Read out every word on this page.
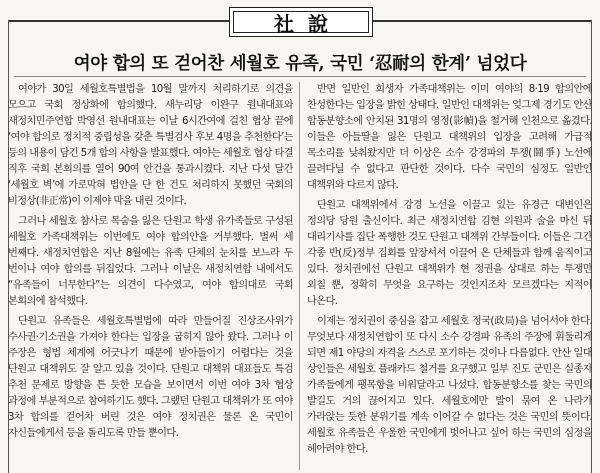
社說
여야 합의 또 걷어찬 세월호 유족, 국민 ‘忍耐의 한계’ 넘었다

여야가 30일 세월호특별법을 10월 말까지 처리하기로 의견을 모으고 국회 정상화에 합의했다. 새누리당 이완구 원내대표와 새정치민주연합 박영선 원내대표는 이날 6시간여에 걸친 협상 끝에 ‘여야 합의로 정치적 중립성을 갖춘 특별검사 후보 4명을 추천한다’는 등의 내용이 담긴 5개 합의 사항을 발표했다. 여야는 세월호 협상 타결 직후 국회 본회의를 열어 90여 안건을 통과시켰다. 지난 다섯 달간 ‘세월호 벽’에 가로막혀 법안을 단 한 건도 처리하지 못했던 국회의 비정상(非正常)이 이제야 막을 내린 것이다.

그러나 세월호 참사로 목숨을 잃은 단원고 학생 유가족들로 구성된 세월호 가족대책위는 이번에도 여야 합의안을 거부했다. 벌써 세 번째다. 새정치연합은 지난 8월에는 유족 단체의 눈치를 보느라 두 번이나 여야 합의를 뒤집었다. 그러나 이날은 새정치연합 내에서도 “유족들이 너무한다”는 의견이 다수였고, 여야 합의대로 국회 본회의에 참석했다.

단원고 유족들은 세월호특별법에 따라 만들어질 진상조사위가 수사권·기소권을 가져야 한다는 입장을 굽히지 않아 왔다. 그러나 이 주장은 형법 체계에 어긋나기 때문에 받아들이기 어렵다는 것을 단원고 대책위도 잘 알고 있을 것이다. 단원고 대책위 대표들도 특검 추천 문제로 방향을 튼 듯한 모습을 보이면서 이번 여야 3차 협상 과정에 부분적으로 참여하기도 했다. 그랬던 단원고 대책위가 또 여야 3차 합의를 걷어차 버린 것은 여야 정치권은 물론 온 국민이 자신들에게서 등을 돌리도록 만들 뿐이다.

반면 일반인 희생자 가족대책위는 이미 여야의 8·19 합의안에 찬성한다는 입장을 밝힌 상태다. 일반인 대책위는 엊그제 경기도 안산 합동분향소에 안치된 31명의 영정(影幀)을 철거해 인천으로 옮겼다. 이들은 아들딸을 잃은 단원고 대책위의 입장을 고려해 가급적 목소리를 낮춰왔지만 더 이상은 소수 강경파의 투쟁(鬪爭) 노선에 끌려다닐 수 없다고 판단한 것이다. 다수 국민의 심정도 일반인 대책위와 다르지 않다.

단원고 대책위에서 강경 노선을 이끌고 있는 유경근 대변인은 정의당 당원 출신이다. 최근 새정치연합 김현 의원과 술을 마신 뒤 대리기사를 집단 폭행한 것도 단원고 대책위 간부들이다. 이들은 그간 각종 반(反)정부 집회를 앞장서서 이끌어 온 단체들과 함께 움직이고 있다. 정치권에선 단원고 대책위가 현 정권을 상대로 하는 투쟁만 외칠 뿐, 정확히 무엇을 요구하는 것인지조차 모르겠다는 지적이 나온다.

이제는 정치권이 중심을 잡고 세월호 정국(政局)을 넘어서야 한다. 무엇보다 새정치연합이 또 다시 소수 강경파 유족의 주장에 휘둘리게 되면 제1 야당의 자격을 스스로 포기하는 것이나 다름없다. 안산 일대 상인들은 세월호 플래카드 철거를 요구했고 일부 진도 군민은 실종자 가족들에게 팽목항을 비워달라고 나섰다. 합동분향소를 찾는 국민의 발길도 거의 끊어지고 있다. 세월호에만 발이 묶여 온 나라가 가라앉는 듯한 분위기를 계속 이어갈 수 없다는 것은 국민의 뜻이다. 세월호 유족들은 우울한 국민에게 벗어나고 싶어 하는 국민의 심정을 헤아려야 한다.
